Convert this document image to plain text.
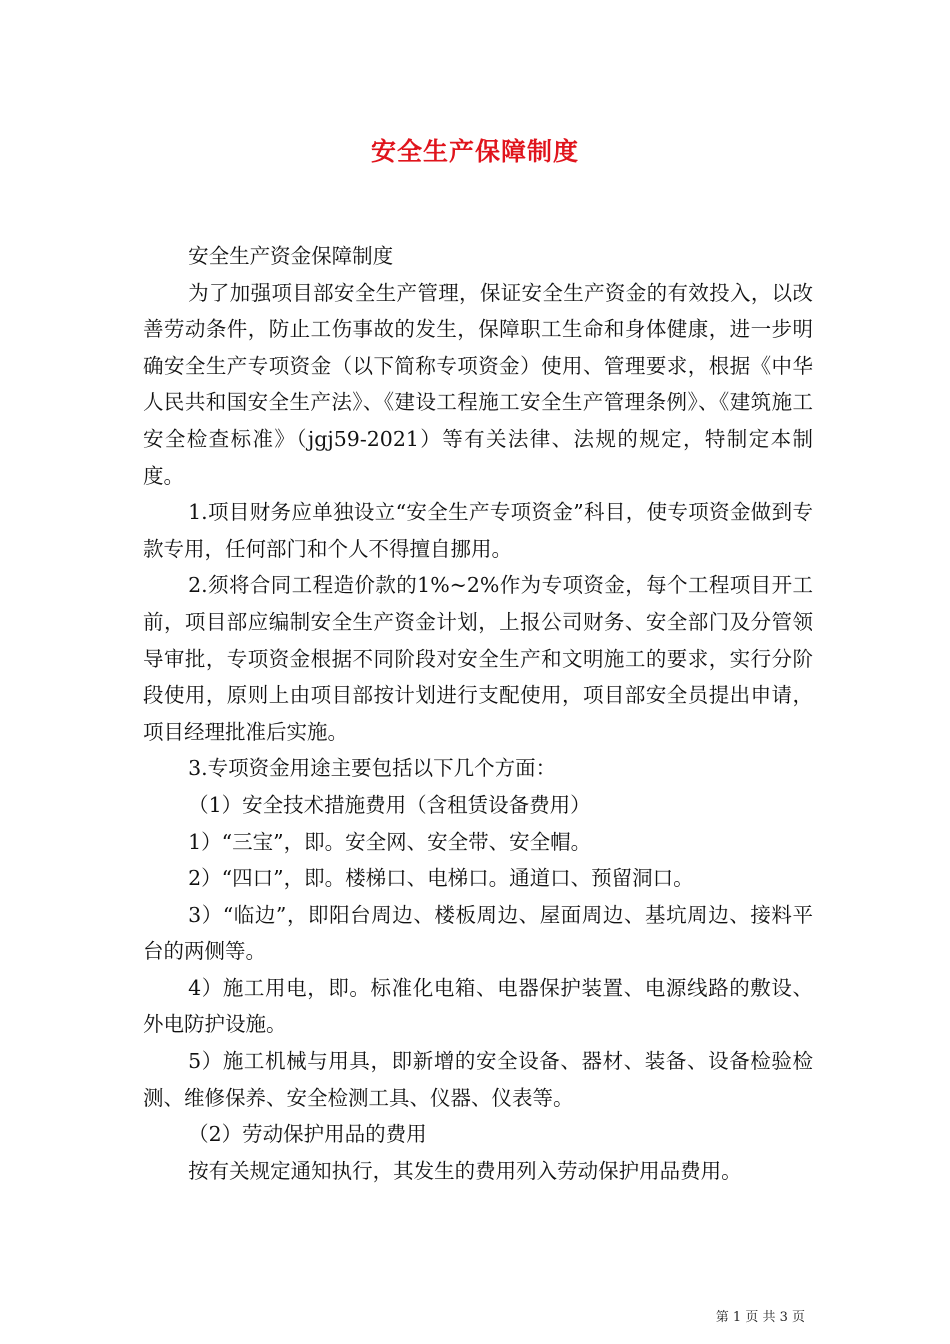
安全生产保障制度

安全生产资金保障制度

为了加强项目部安全生产管理，保证安全生产资金的有效投入，以改善劳动条件，防止工伤事故的发生，保障职工生命和身体健康，进一步明确安全生产专项资金（以下简称专项资金）使用、管理要求，根据《中华人民共和国安全生产法》、《建设工程施工安全生产管理条例》、《建筑施工安全检查标准》（jgj59-2021）等有关法律、法规的规定，特制定本制度。

1.项目财务应单独设立“安全生产专项资金”科目，使专项资金做到专款专用，任何部门和个人不得擅自挪用。

2.须将合同工程造价款的1%~2%作为专项资金，每个工程项目开工前，项目部应编制安全生产资金计划，上报公司财务、安全部门及分管领导审批，专项资金根据不同阶段对安全生产和文明施工的要求，实行分阶段使用，原则上由项目部按计划进行支配使用，项目部安全员提出申请，项目经理批准后实施。

3.专项资金用途主要包括以下几个方面：

（1）安全技术措施费用（含租赁设备费用）

1）“三宝”，即。安全网、安全带、安全帽。

2）“四口”，即。楼梯口、电梯口。通道口、预留洞口。

3）“临边”，即阳台周边、楼板周边、屋面周边、基坑周边、接料平台的两侧等。

4）施工用电，即。标准化电箱、电器保护装置、电源线路的敷设、外电防护设施。

5）施工机械与用具，即新增的安全设备、器材、装备、设备检验检测、维修保养、安全检测工具、仪器、仪表等。

（2）劳动保护用品的费用

按有关规定通知执行，其发生的费用列入劳动保护用品费用。

第 1 页 共 3 页
